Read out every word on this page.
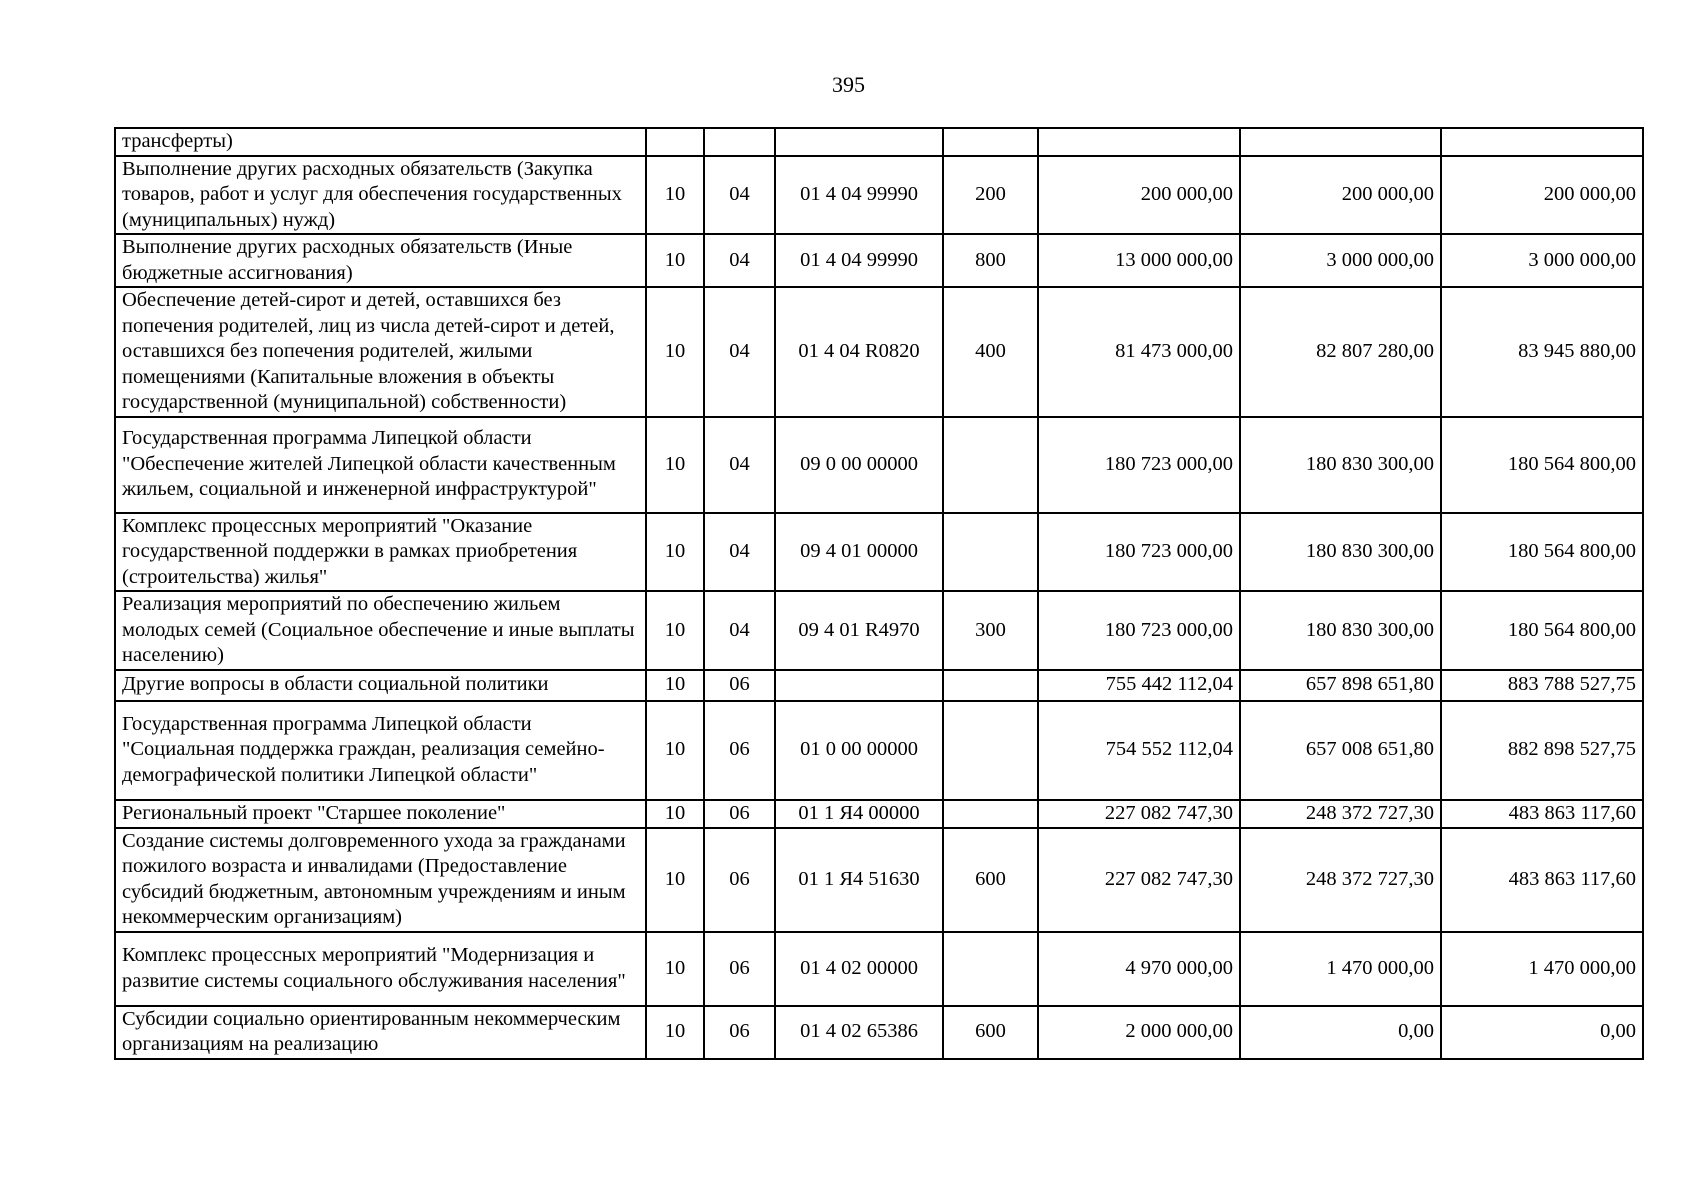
395
трансферты)							
Выполнение других расходных обязательств (Закупка товаров, работ и услуг для обеспечения государственных (муниципальных) нужд)	10	04	01 4 04 99990	200	200 000,00	200 000,00	200 000,00
Выполнение других расходных обязательств (Иные бюджетные ассигнования)	10	04	01 4 04 99990	800	13 000 000,00	3 000 000,00	3 000 000,00
Обеспечение детей-сирот и детей, оставшихся без попечения родителей, лиц из числа детей-сирот и детей, оставшихся без попечения родителей, жилыми помещениями (Капитальные вложения в объекты государственной (муниципальной) собственности)	10	04	01 4 04 R0820	400	81 473 000,00	82 807 280,00	83 945 880,00
Государственная программа Липецкой области "Обеспечение жителей Липецкой области качественным жильем, социальной и инженерной инфраструктурой"	10	04	09 0 00 00000		180 723 000,00	180 830 300,00	180 564 800,00
Комплекс процессных мероприятий "Оказание государственной поддержки в рамках приобретения (строительства) жилья"	10	04	09 4 01 00000		180 723 000,00	180 830 300,00	180 564 800,00
Реализация мероприятий по обеспечению жильем молодых семей (Социальное обеспечение и иные выплаты населению)	10	04	09 4 01 R4970	300	180 723 000,00	180 830 300,00	180 564 800,00
Другие вопросы в области социальной политики	10	06			755 442 112,04	657 898 651,80	883 788 527,75
Государственная программа Липецкой области "Социальная поддержка граждан, реализация семейно-демографической политики Липецкой области"	10	06	01 0 00 00000		754 552 112,04	657 008 651,80	882 898 527,75
Региональный проект "Старшее поколение"	10	06	01 1 Я4 00000		227 082 747,30	248 372 727,30	483 863 117,60
Создание системы долговременного ухода за гражданами пожилого возраста и инвалидами (Предоставление субсидий бюджетным, автономным учреждениям и иным некоммерческим организациям)	10	06	01 1 Я4 51630	600	227 082 747,30	248 372 727,30	483 863 117,60
Комплекс процессных мероприятий "Модернизация и развитие системы социального обслуживания населения"	10	06	01 4 02 00000		4 970 000,00	1 470 000,00	1 470 000,00
Субсидии социально ориентированным некоммерческим организациям на реализацию	10	06	01 4 02 65386	600	2 000 000,00	0,00	0,00
